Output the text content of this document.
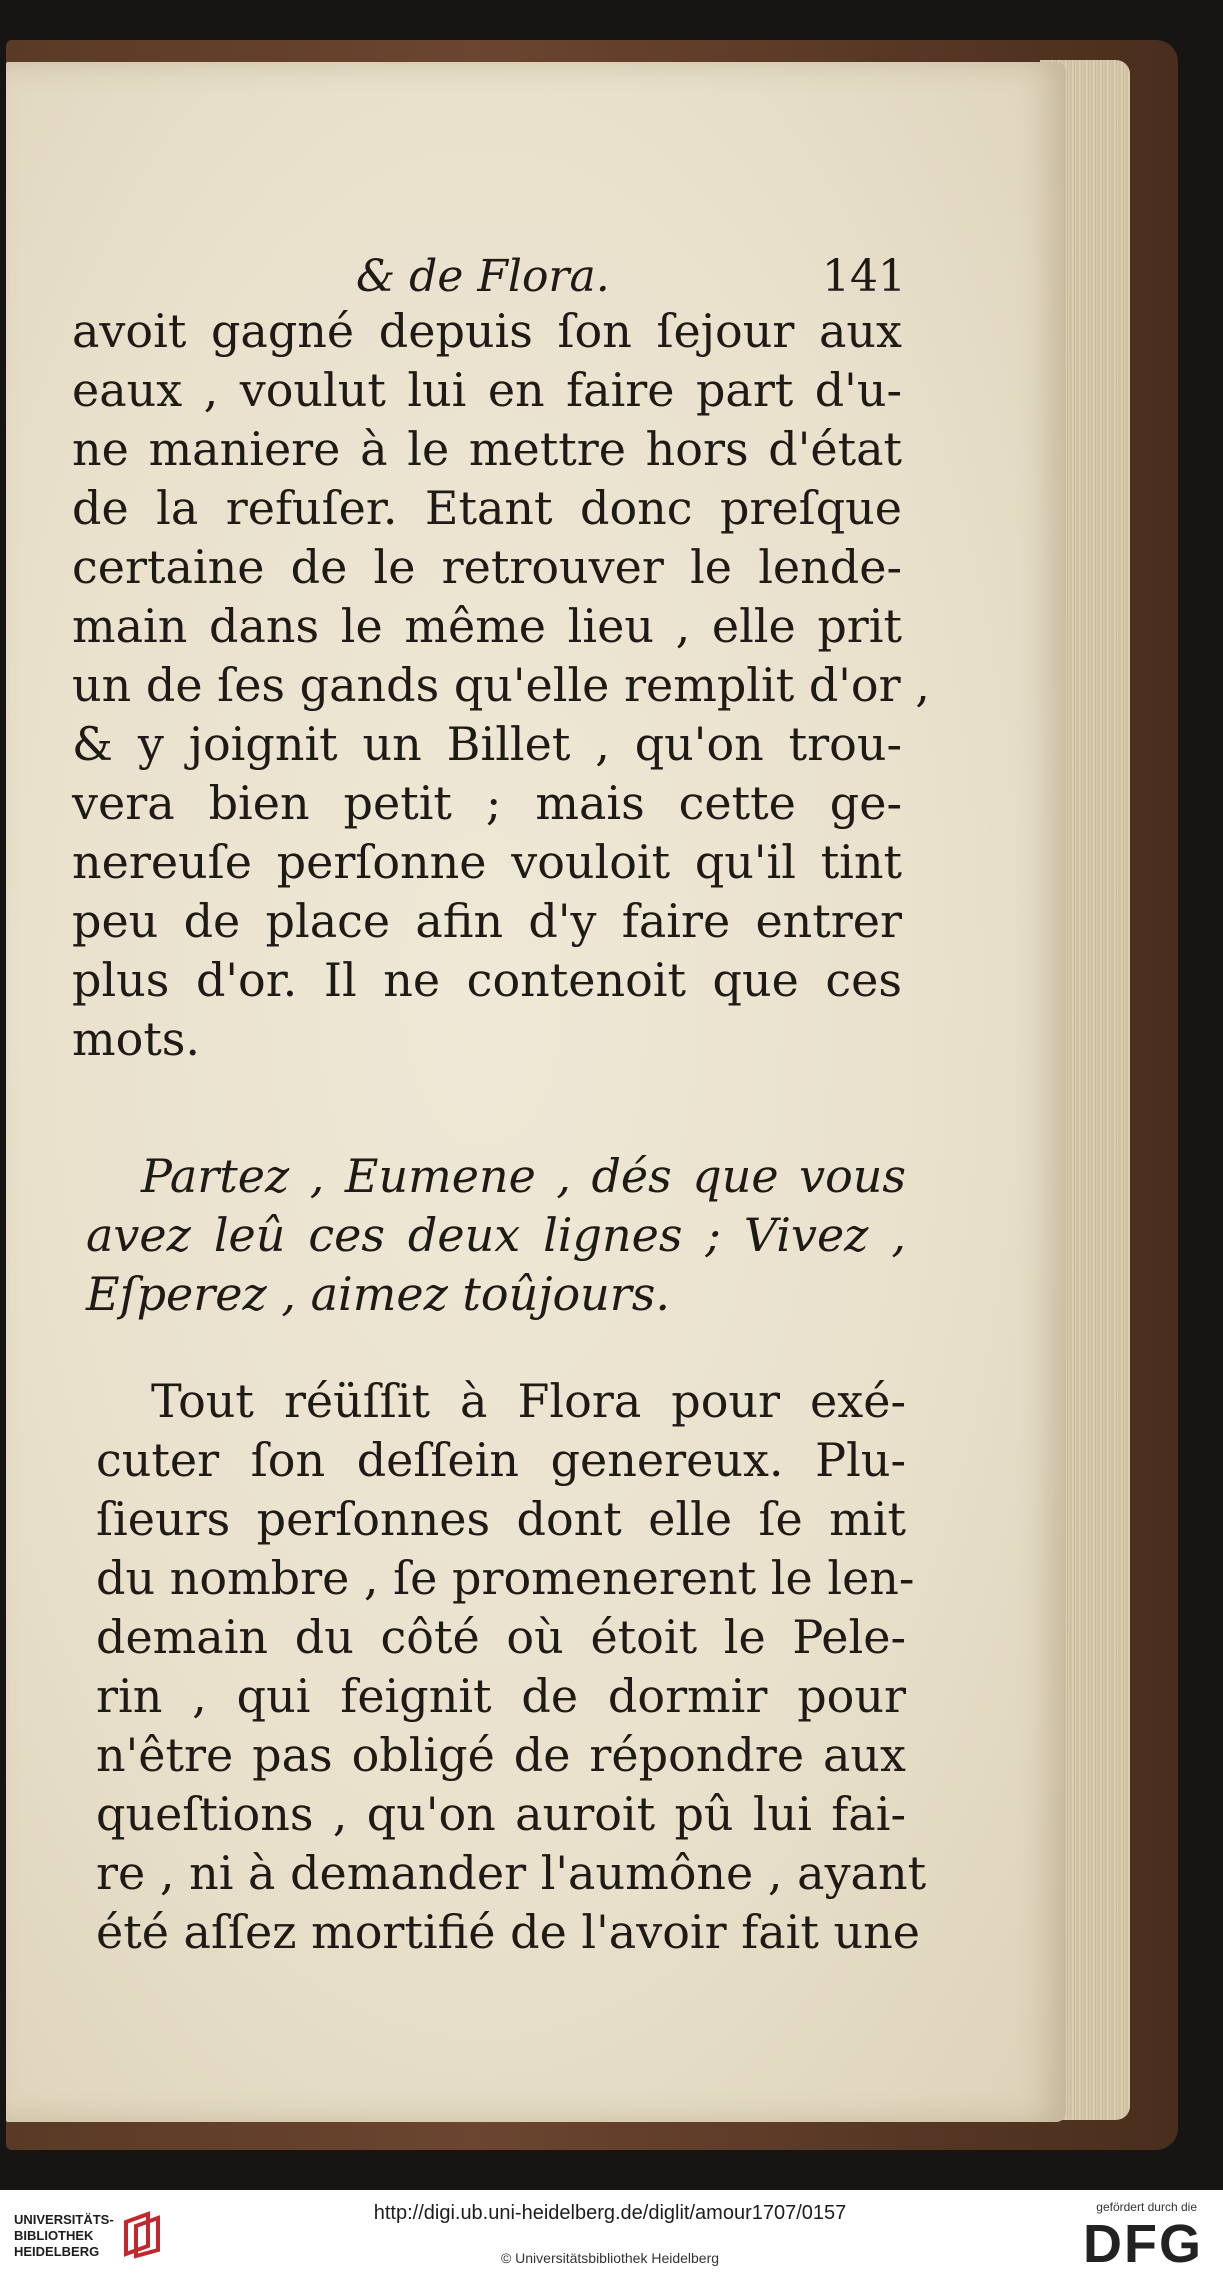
& de Flora.	141
avoit gagné depuis ſon ſejour aux
eaux , voulut lui en faire part d'u-
ne maniere à le mettre hors d'état
de la refuſer. Etant donc preſque
certaine de le retrouver le lende-
main dans le même lieu , elle prit
un de ſes gands qu'elle remplit d'or ,
& y joignit un Billet , qu'on trou-
vera bien petit ; mais cette ge-
nereuſe perſonne vouloit qu'il tint
peu de place afin d'y faire entrer
plus d'or. Il ne contenoit que ces
mots.
Partez , Eumene , dés que vous
avez leû ces deux lignes ; Vivez ,
Eſperez , aimez toûjours.
Tout réüſſit à Flora pour exé-
cuter ſon deſſein genereux. Plu-
ſieurs perſonnes dont elle ſe mit
du nombre , ſe promenerent le len-
demain du côté où étoit le Pele-
rin , qui feignit de dormir pour
n'être pas obligé de répondre aux
queſtions , qu'on auroit pû lui fai-
re , ni à demander l'aumône , ayant
été aſſez mortifié de l'avoir fait une
UNIVERSITÄTS-
BIBLIOTHEK
HEIDELBERG
http://digi.ub.uni-heidelberg.de/diglit/amour1707/0157
© Universitätsbibliothek Heidelberg
gefördert durch die
DFG
